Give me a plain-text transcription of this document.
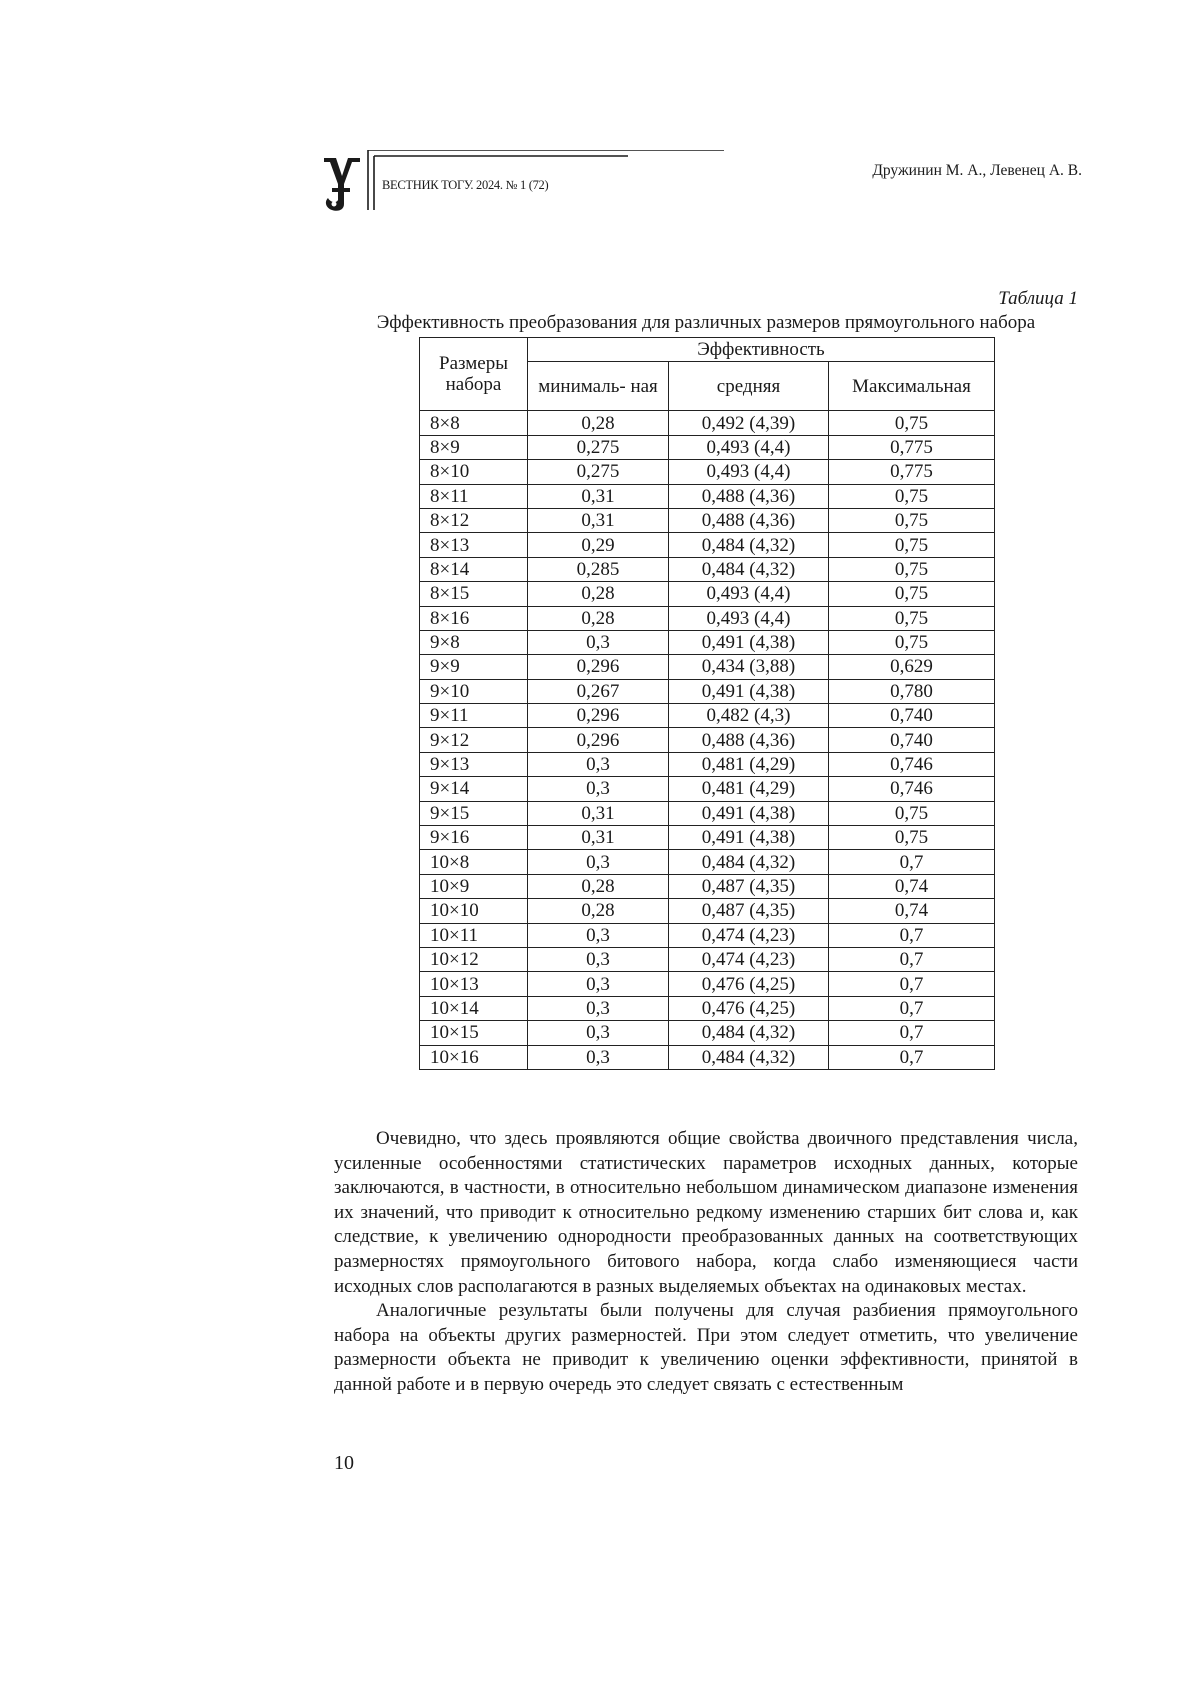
ВЕСТНИК ТОГУ. 2024. № 1 (72)
Дружинин М. А., Левенец А. В.
Таблица 1
Эффективность преобразования для различных размеров прямоугольного набора
Размеры набора	Эффективность		
	минималь- ная	средняя	Максимальная
8×8	0,28	0,492 (4,39)	0,75
8×9	0,275	0,493 (4,4)	0,775
8×10	0,275	0,493 (4,4)	0,775
8×11	0,31	0,488 (4,36)	0,75
8×12	0,31	0,488 (4,36)	0,75
8×13	0,29	0,484 (4,32)	0,75
8×14	0,285	0,484 (4,32)	0,75
8×15	0,28	0,493 (4,4)	0,75
8×16	0,28	0,493 (4,4)	0,75
9×8	0,3	0,491 (4,38)	0,75
9×9	0,296	0,434 (3,88)	0,629
9×10	0,267	0,491 (4,38)	0,780
9×11	0,296	0,482 (4,3)	0,740
9×12	0,296	0,488 (4,36)	0,740
9×13	0,3	0,481 (4,29)	0,746
9×14	0,3	0,481 (4,29)	0,746
9×15	0,31	0,491 (4,38)	0,75
9×16	0,31	0,491 (4,38)	0,75
10×8	0,3	0,484 (4,32)	0,7
10×9	0,28	0,487 (4,35)	0,74
10×10	0,28	0,487 (4,35)	0,74
10×11	0,3	0,474 (4,23)	0,7
10×12	0,3	0,474 (4,23)	0,7
10×13	0,3	0,476 (4,25)	0,7
10×14	0,3	0,476 (4,25)	0,7
10×15	0,3	0,484 (4,32)	0,7
10×16	0,3	0,484 (4,32)	0,7

Очевидно, что здесь проявляются общие свойства двоичного представления числа, усиленные особенностями статистических параметров исходных данных, которые заключаются, в частности, в относительно небольшом динамическом диапазоне изменения их значений, что приводит к относительно редкому изменению старших бит слова и, как следствие, к увеличению однородности преобразованных данных на соответствующих размерностях прямоугольного битового набора, когда слабо изменяющиеся части исходных слов располагаются в разных выделяемых объектах на одинаковых местах.

Аналогичные результаты были получены для случая разбиения прямоугольного набора на объекты других размерностей. При этом следует отметить, что увеличение размерности объекта не приводит к увеличению оценки эффективности, принятой в данной работе и в первую очередь это следует связать с естественным

10
